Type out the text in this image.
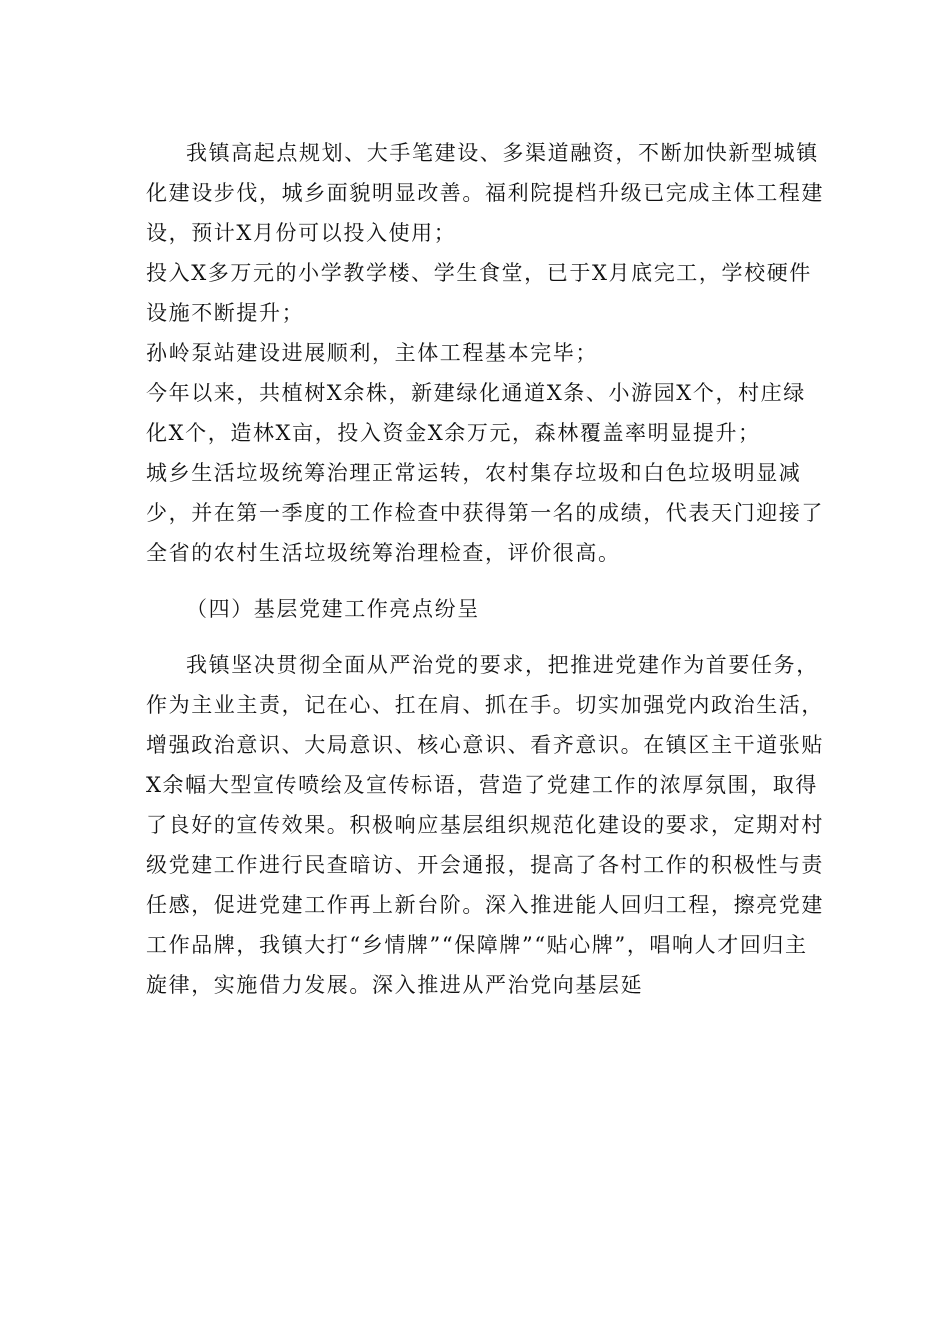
我镇高起点规划、大手笔建设、多渠道融资，不断加快新型城镇化建设步伐，城乡面貌明显改善。福利院提档升级已完成主体工程建设，预计X月份可以投入使用；

投入X多万元的小学教学楼、学生食堂，已于X月底完工，学校硬件设施不断提升；

孙岭泵站建设进展顺利，主体工程基本完毕；

今年以来，共植树X余株，新建绿化通道X条、小游园X个，村庄绿化X个，造林X亩，投入资金X余万元，森林覆盖率明显提升；

城乡生活垃圾统筹治理正常运转，农村集存垃圾和白色垃圾明显减少，并在第一季度的工作检查中获得第一名的成绩，代表天门迎接了全省的农村生活垃圾统筹治理检查，评价很高。

（四）基层党建工作亮点纷呈

我镇坚决贯彻全面从严治党的要求，把推进党建作为首要任务，作为主业主责，记在心、扛在肩、抓在手。切实加强党内政治生活，增强政治意识、大局意识、核心意识、看齐意识。在镇区主干道张贴X余幅大型宣传喷绘及宣传标语，营造了党建工作的浓厚氛围，取得了良好的宣传效果。积极响应基层组织规范化建设的要求，定期对村级党建工作进行民查暗访、开会通报，提高了各村工作的积极性与责任感，促进党建工作再上新台阶。深入推进能人回归工程，擦亮党建工作品牌，我镇大打“乡情牌”“保障牌”“贴心牌”，唱响人才回归主旋律，实施借力发展。深入推进从严治党向基层延
